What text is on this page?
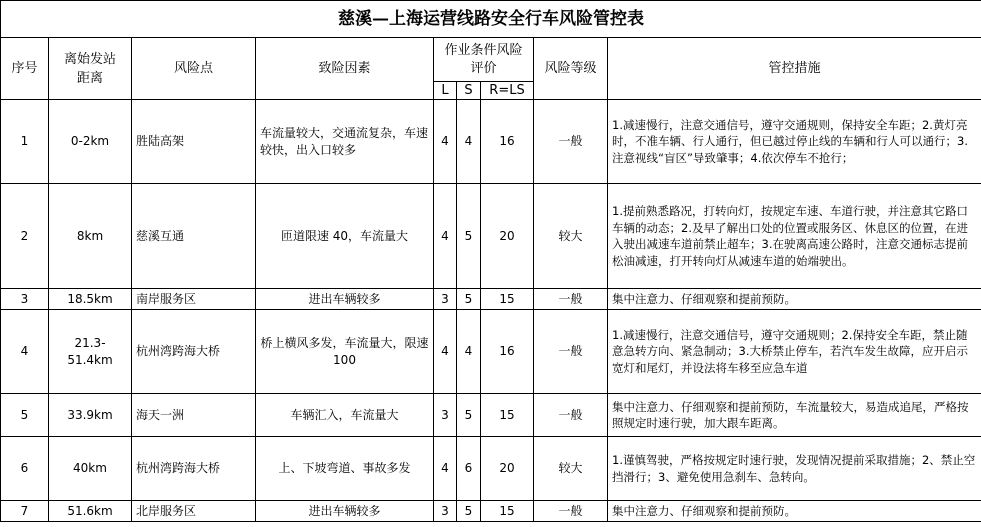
慈溪—上海运营线路安全行车风险管控表								
序号	离始发站距离	风险点	致险因素	作业条件风险评价			风险等级	管控措施
				L	S	R=LS		
1	0-2km	胜陆高架	车流量较大，交通流复杂，车速较快，出入口较多	4	4	16	一般	1.减速慢行，注意交通信号，遵守交通规则，保持安全车距；2.黄灯亮时，不准车辆、行人通行，但已越过停止线的车辆和行人可以通行；3.注意视线“盲区”导致肇事；4.依次停车不抢行；
2	8km	慈溪互通	匝道限速 40，车流量大	4	5	20	较大	1.提前熟悉路况，打转向灯，按规定车速、车道行驶，并注意其它路口车辆的动态；2.及早了解出口处的位置或服务区、休息区的位置，在进入驶出减速车道前禁止超车；3.在驶离高速公路时，注意交通标志提前松油减速，打开转向灯从减速车道的始端驶出。
3	18.5km	南岸服务区	进出车辆较多	3	5	15	一般	集中注意力、仔细观察和提前预防。
4	21.3-51.4km	杭州湾跨海大桥	桥上横风多发，车流量大，限速 100	4	4	16	一般	1.减速慢行，注意交通信号，遵守交通规则；2.保持安全车距，禁止随意急转方向、紧急制动；3.大桥禁止停车，若汽车发生故障，应开启示宽灯和尾灯，并设法将车移至应急车道
5	33.9km	海天一洲	车辆汇入，车流量大	3	5	15	一般	集中注意力、仔细观察和提前预防，车流量较大，易造成追尾，严格按照规定时速行驶，加大跟车距离。
6	40km	杭州湾跨海大桥	上、下坡弯道、事故多发	4	6	20	较大	1.谨慎驾驶，严格按规定时速行驶，发现情况提前采取措施；2、禁止空挡滑行；3、避免使用急刹车、急转向。
7	51.6km	北岸服务区	进出车辆较多	3	5	15	一般	集中注意力、仔细观察和提前预防。
